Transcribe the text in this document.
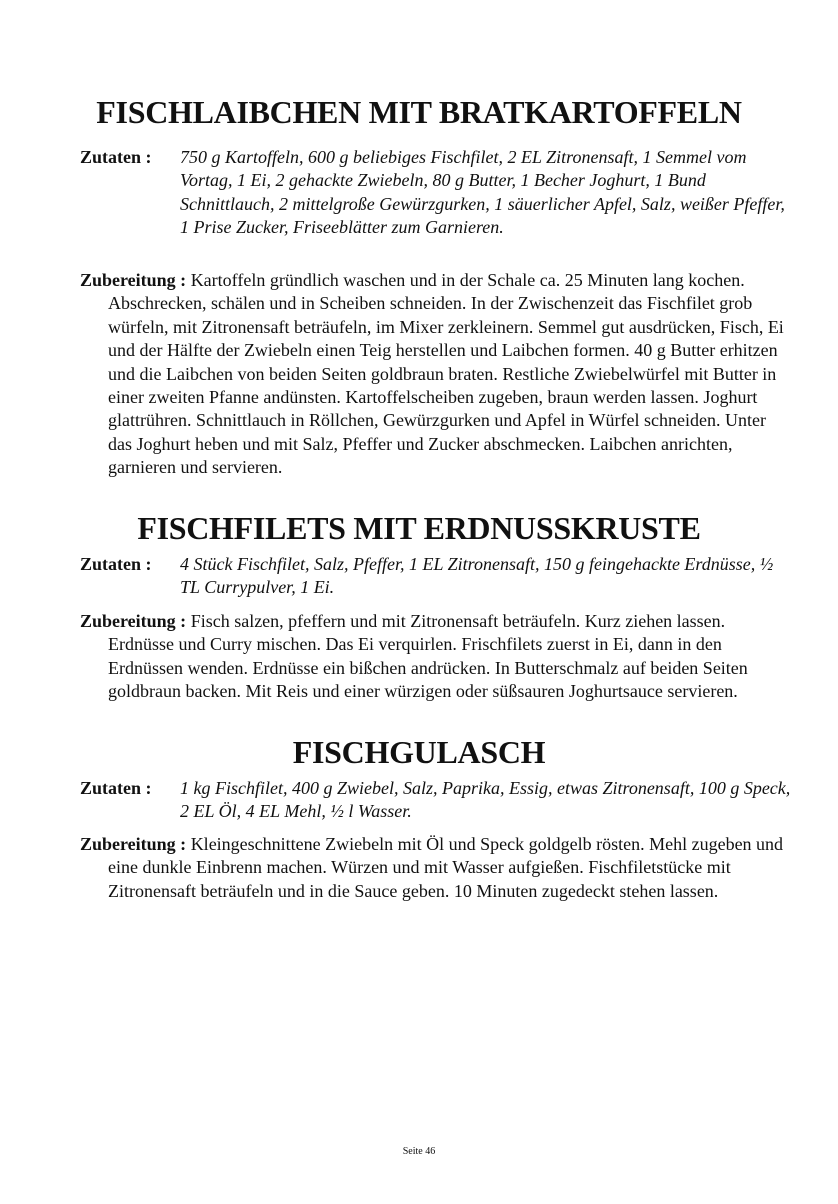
FISCHLAIBCHEN MIT BRATKARTOFFELN
Zutaten : 750 g Kartoffeln, 600 g beliebiges Fischfilet, 2 EL Zitronensaft, 1 Semmel vom Vortag, 1 Ei, 2 gehackte Zwiebeln, 80 g Butter, 1 Becher Joghurt, 1 Bund Schnittlauch, 2 mittelgroße Gewürzgurken, 1 säuerlicher Apfel, Salz, weißer Pfeffer, 1 Prise Zucker, Friseeblätter zum Garnieren.
Zubereitung : Kartoffeln gründlich waschen und in der Schale ca. 25 Minuten lang kochen. Abschrecken, schälen und in Scheiben schneiden. In der Zwischenzeit das Fischfilet grob würfeln, mit Zitronensaft beträufeln, im Mixer zerkleinern. Semmel gut ausdrücken, Fisch, Ei und der Hälfte der Zwiebeln einen Teig herstellen und Laibchen formen. 40 g Butter erhitzen und die Laibchen von beiden Seiten goldbraun braten. Restliche Zwiebelwürfel mit Butter in einer zweiten Pfanne andünsten. Kartoffelscheiben zugeben, braun werden lassen. Joghurt glattrühren. Schnittlauch in Röllchen, Gewürzgurken und Apfel in Würfel schneiden. Unter das Joghurt heben und mit Salz, Pfeffer und Zucker abschmecken. Laibchen anrichten, garnieren und servieren.
FISCHFILETS MIT ERDNUSSKRUSTE
Zutaten : 4 Stück Fischfilet, Salz, Pfeffer, 1 EL Zitronensaft, 150 g feingehackte Erdnüsse, ½ TL Currypulver, 1 Ei.
Zubereitung : Fisch salzen, pfeffern und mit Zitronensaft beträufeln. Kurz ziehen lassen. Erdnüsse und Curry mischen. Das Ei verquirlen. Frischfilets zuerst in Ei, dann in den Erdnüssen wenden. Erdnüsse ein bißchen andrücken. In Butterschmalz auf beiden Seiten goldbraun backen. Mit Reis und einer würzigen oder süßsauren Joghurtsauce servieren.
FISCHGULASCH
Zutaten : 1 kg Fischfilet, 400 g Zwiebel, Salz, Paprika, Essig, etwas Zitronensaft, 100 g Speck, 2 EL Öl, 4 EL Mehl, ½ l Wasser.
Zubereitung : Kleingeschnittene Zwiebeln mit Öl und Speck goldgelb rösten. Mehl zugeben und eine dunkle Einbrenn machen. Würzen und mit Wasser aufgießen. Fischfiletstücke mit Zitronensaft beträufeln und in die Sauce geben. 10 Minuten zugedeckt stehen lassen.
Seite 46
